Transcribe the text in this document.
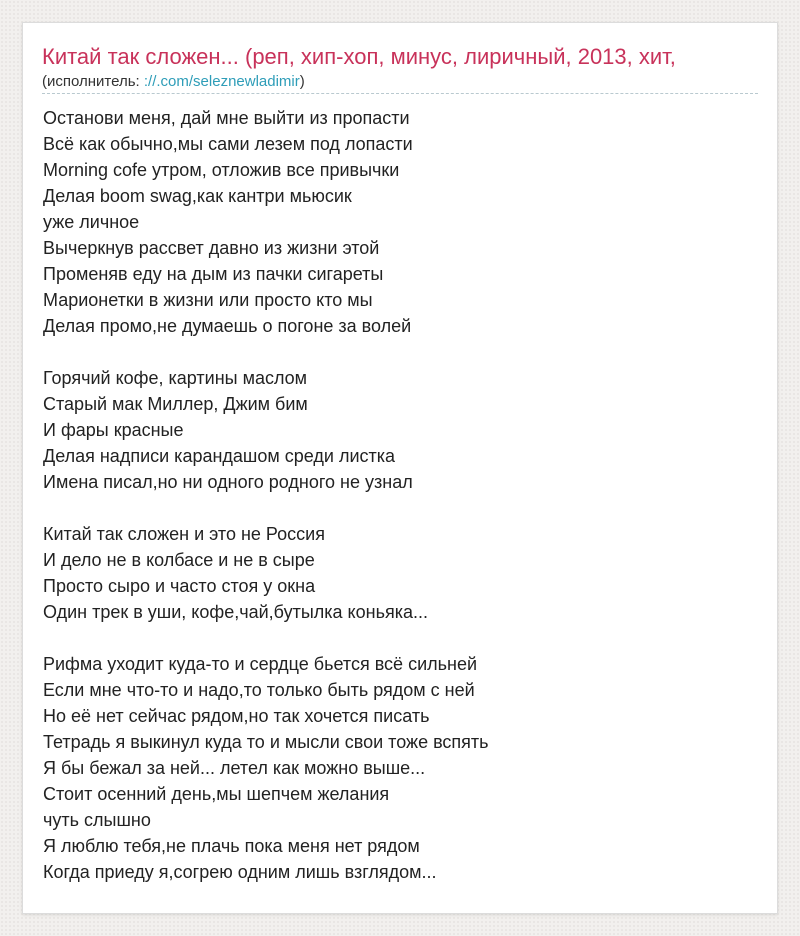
Китай так сложен... (реп, хип-хоп, минус, лиричный, 2013, хит,
(исполнитель: ://.com/seleznewladimir)
Останови меня, дай мне выйти из пропасти
Всё как обычно,мы сами лезем под лопасти
Morning cofe утром, отложив все привычки
Делая boom swag,как кантри мьюсик
уже личное
Вычеркнув рассвет давно из жизни этой
Променяв еду на дым из пачки сигареты
Марионетки в жизни или просто кто мы
Делая промо,не думаешь о погоне за волей
Горячий кофе, картины маслом
Старый мак Миллер, Джим бим
И фары красные
Делая надписи карандашом среди листка
Имена писал,но ни одного родного не узнал
Китай так сложен и это не Россия
И дело не в колбасе и не в сыре
Просто сыро и часто стоя у окна
Один трек в уши, кофе,чай,бутылка коньяка...
Рифма уходит куда-то и сердце бьется всё сильней
Если мне что-то и надо,то только быть рядом с ней
Но её нет сейчас рядом,но так хочется писать
Тетрадь я выкинул куда то и мысли свои тоже вспять
Я бы бежал за ней... летел как можно выше...
Стоит осенний день,мы шепчем желания
чуть слышно
Я люблю тебя,не плачь пока меня нет рядом
Когда приеду я,согрею одним лишь взглядом...
